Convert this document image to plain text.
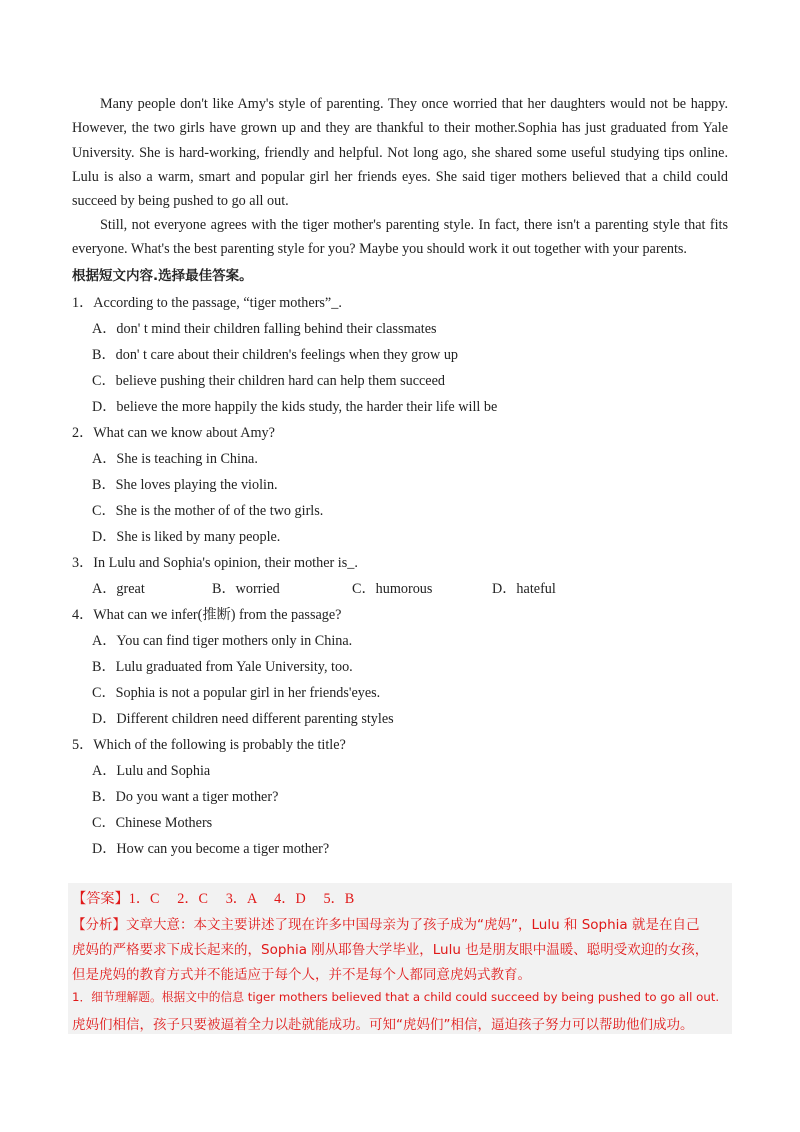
Many people don't like Amy's style of parenting. They once worried that her daughters would not be happy. However, the two girls have grown up and they are thankful to their mother.Sophia has just graduated from Yale University. She is hard-working, friendly and helpful. Not long ago, she shared some useful studying tips online. Lulu is also a warm, smart and popular girl her friends eyes. She said tiger mothers believed that a child could succeed by being pushed to go all out.

Still, not everyone agrees with the tiger mother's parenting style. In fact, there isn't a parenting style that fits everyone. What's the best parenting style for you? Maybe you should work it out together with your parents.

根据短文内容.选择最佳答案。
1．According to the passage, “tiger mothers”_.
A．don' t mind their children falling behind their classmates
B．don' t care about their children's feelings when they grow up
C．believe pushing their children hard can help them succeed
D．believe the more happily the kids study, the harder their life will be
2．What can we know about Amy?
A．She is teaching in China.
B．She loves playing the violin.
C．She is the mother of of the two girls.
D．She is liked by many people.
3．In Lulu and Sophia's opinion, their mother is_.
A．great	B．worried	C．humorous	D．hateful
4．What can we infer(推断) from the passage?
A．You can find tiger mothers only in China.
B．Lulu graduated from Yale University, too.
C．Sophia is not a popular girl in her friends'eyes.
D．Different children need different parenting styles
5．Which of the following is probably the title?
A．Lulu and Sophia
B．Do you want a tiger mother?
C．Chinese Mothers
D．How can you become a tiger mother?
【答案】1．C　 2．C　 3．A　 4．D　 5．B
【分析】文章大意：本文主要讲述了现在许多中国母亲为了孩子成为“虎妈”，Lulu 和 Sophia 就是在自己
虎妈的严格要求下成长起来的，Sophia 刚从耶鲁大学毕业，Lulu 也是朋友眼中温暖、聪明受欢迎的女孩，
但是虎妈的教育方式并不能适应于每个人，并不是每个人都同意虎妈式教育。
1．细节理解题。根据文中的信息 tiger mothers believed that a child could succeed by being pushed to go all out.
虎妈们相信，孩子只要被逼着全力以赴就能成功。可知“虎妈们”相信，逼迫孩子努力可以帮助他们成功。
